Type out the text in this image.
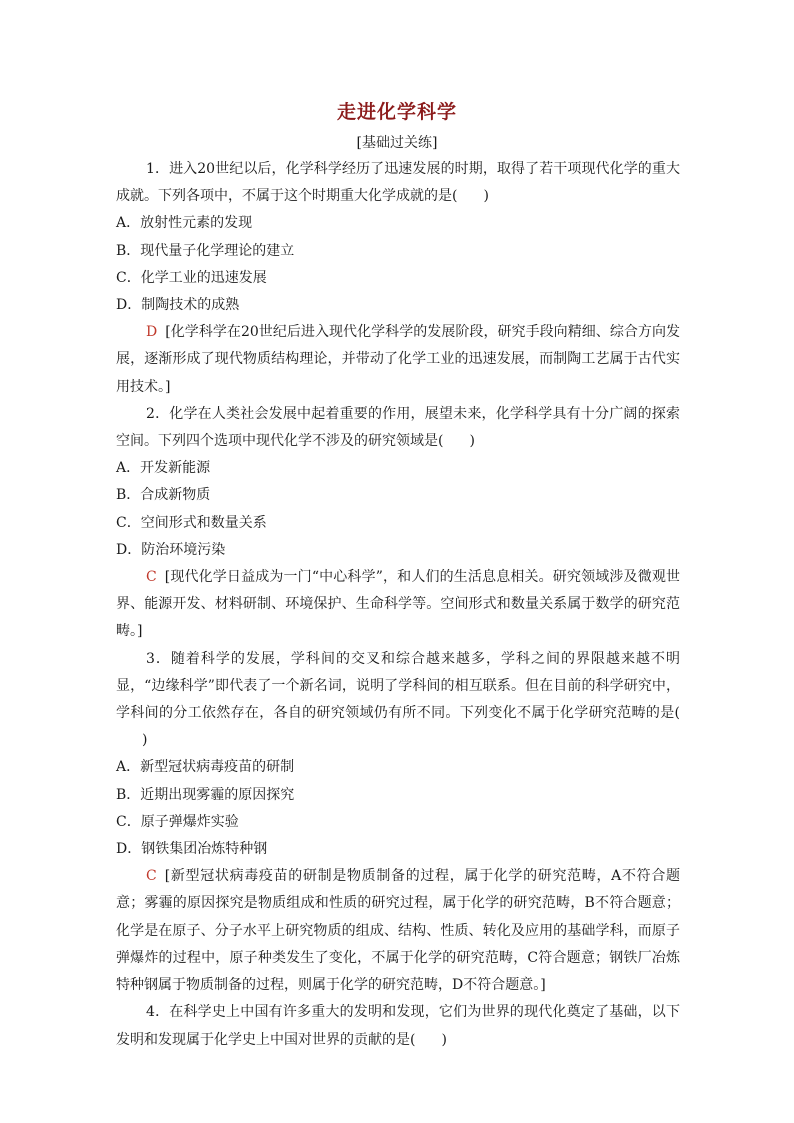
走进化学科学
[基础过关练]

1．进入20世纪以后，化学科学经历了迅速发展的时期，取得了若干项现代化学的重大成就。下列各项中，不属于这个时期重大化学成就的是( )

A．放射性元素的发现

B．现代量子化学理论的建立

C．化学工业的迅速发展

D．制陶技术的成熟

D [化学科学在20世纪后进入现代化学科学的发展阶段，研究手段向精细、综合方向发展，逐渐形成了现代物质结构理论，并带动了化学工业的迅速发展，而制陶工艺属于古代实用技术。]

2．化学在人类社会发展中起着重要的作用，展望未来，化学科学具有十分广阔的探索空间。下列四个选项中现代化学不涉及的研究领域是( )

A．开发新能源

B．合成新物质

C．空间形式和数量关系

D．防治环境污染

C [现代化学日益成为一门“中心科学”，和人们的生活息息相关。研究领域涉及微观世界、能源开发、材料研制、环境保护、生命科学等。空间形式和数量关系属于数学的研究范畴。]

3．随着科学的发展，学科间的交叉和综合越来越多，学科之间的界限越来越不明显，“边缘科学”即代表了一个新名词，说明了学科间的相互联系。但在目前的科学研究中，学科间的分工依然存在，各自的研究领域仍有所不同。下列变化不属于化学研究范畴的是()

A．新型冠状病毒疫苗的研制

B．近期出现雾霾的原因探究

C．原子弹爆炸实验

D．钢铁集团冶炼特种钢

C [新型冠状病毒疫苗的研制是物质制备的过程，属于化学的研究范畴，A不符合题意；雾霾的原因探究是物质组成和性质的研究过程，属于化学的研究范畴，B不符合题意；化学是在原子、分子水平上研究物质的组成、结构、性质、转化及应用的基础学科，而原子弹爆炸的过程中，原子种类发生了变化，不属于化学的研究范畴，C符合题意；钢铁厂冶炼特种钢属于物质制备的过程，则属于化学的研究范畴，D不符合题意。]

4．在科学史上中国有许多重大的发明和发现，它们为世界的现代化奠定了基础，以下发明和发现属于化学史上中国对世界的贡献的是( )
